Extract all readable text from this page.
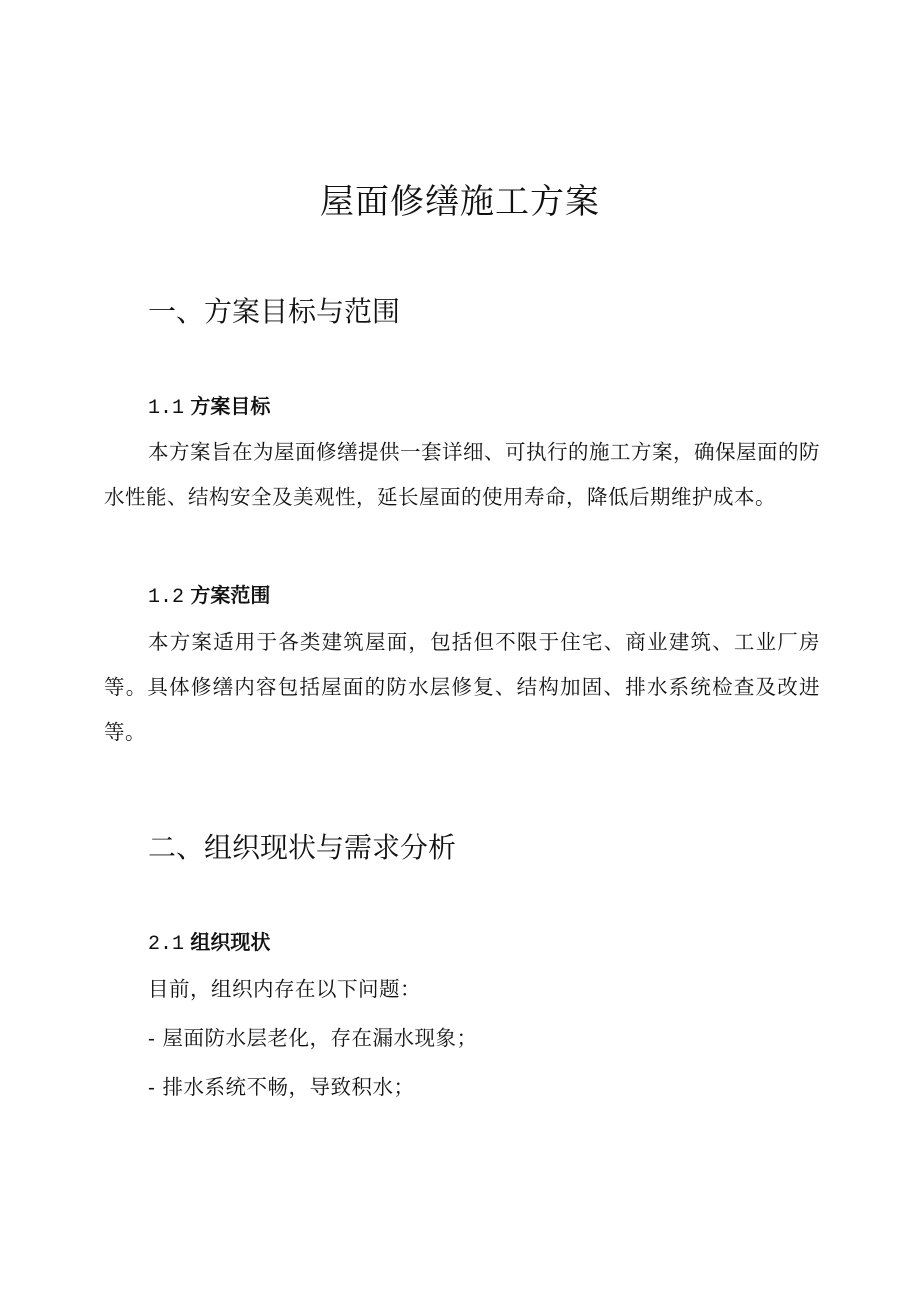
屋面修缮施工方案
一、方案目标与范围
1.1 方案目标

本方案旨在为屋面修缮提供一套详细、可执行的施工方案，确保屋面的防水性能、结构安全及美观性，延长屋面的使用寿命，降低后期维护成本。

1.2 方案范围

本方案适用于各类建筑屋面，包括但不限于住宅、商业建筑、工业厂房等。具体修缮内容包括屋面的防水层修复、结构加固、排水系统检查及改进等。

二、组织现状与需求分析
2.1 组织现状

目前，组织内存在以下问题：

- 屋面防水层老化，存在漏水现象；

- 排水系统不畅，导致积水；
